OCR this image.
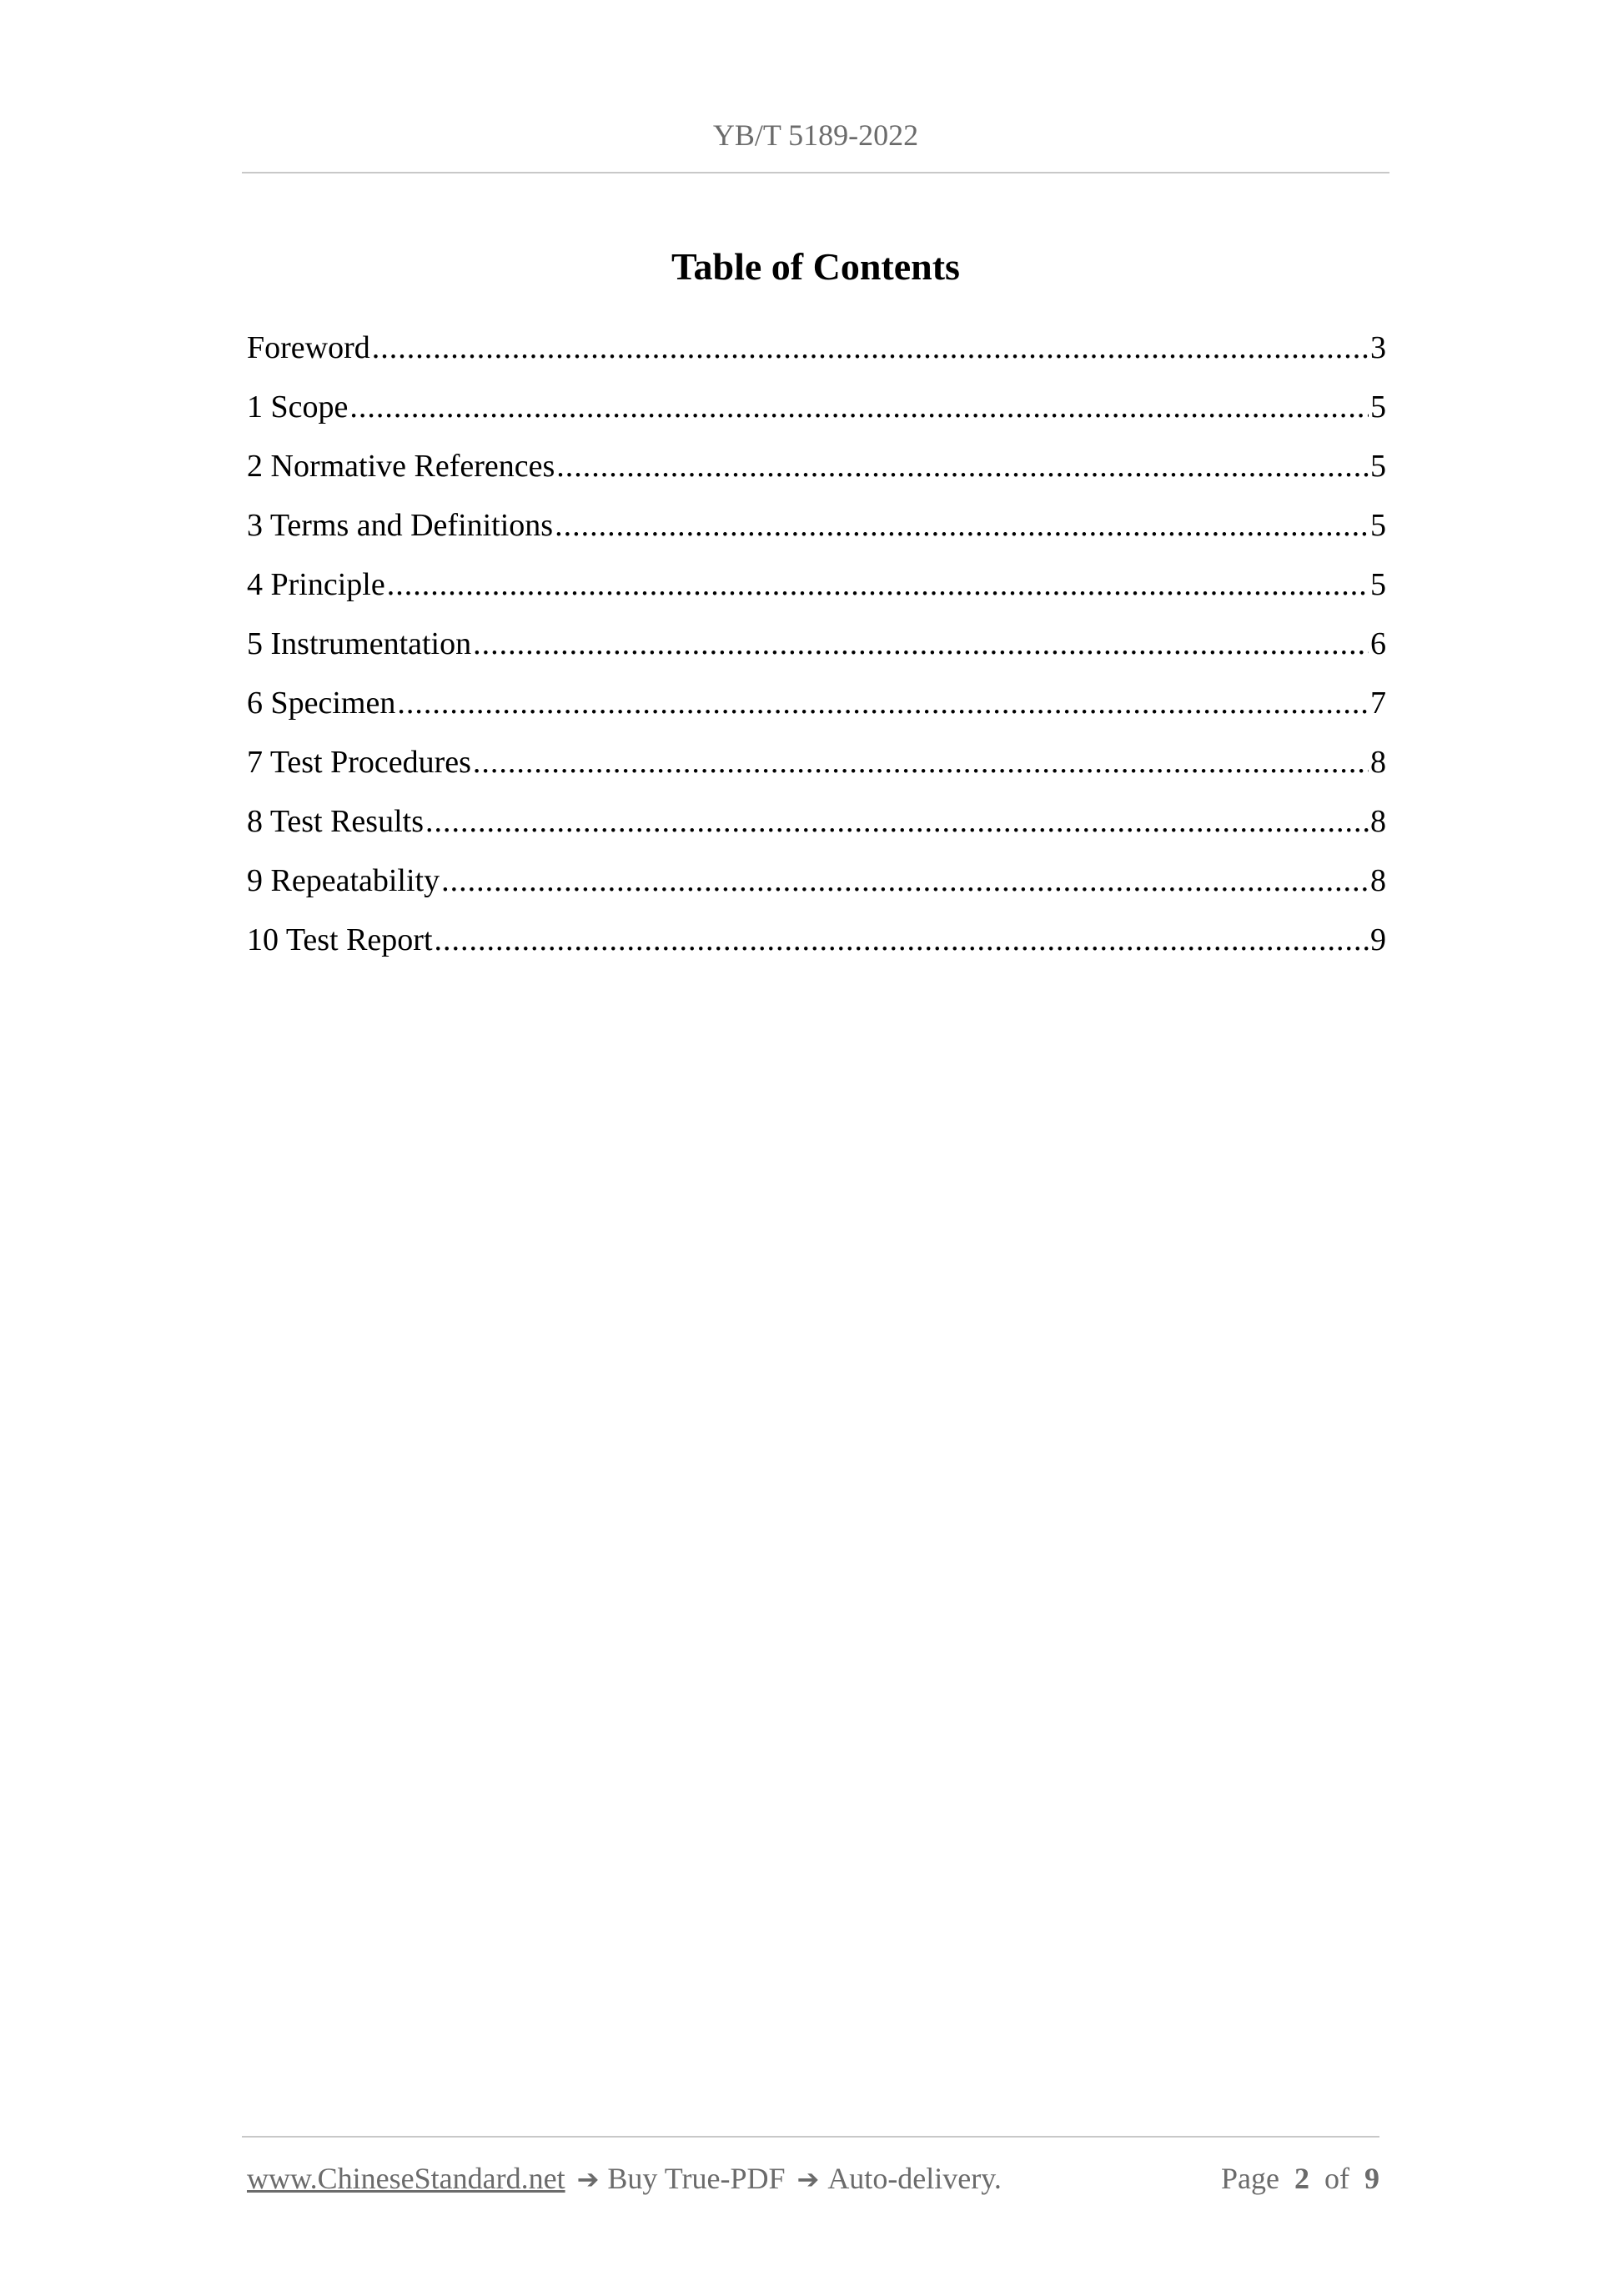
YB/T 5189-2022
Table of Contents
Foreword .....	3
1 Scope .....	5
2 Normative References .....	5
3 Terms and Definitions .....	5
4 Principle .....	5
5 Instrumentation .....	6
6 Specimen .....	7
7 Test Procedures .....	8
8 Test Results .....	8
9 Repeatability .....	8
10 Test Report .....	9
www.ChineseStandard.net ➔ Buy True-PDF ➔ Auto-delivery.	Page 2 of 9
